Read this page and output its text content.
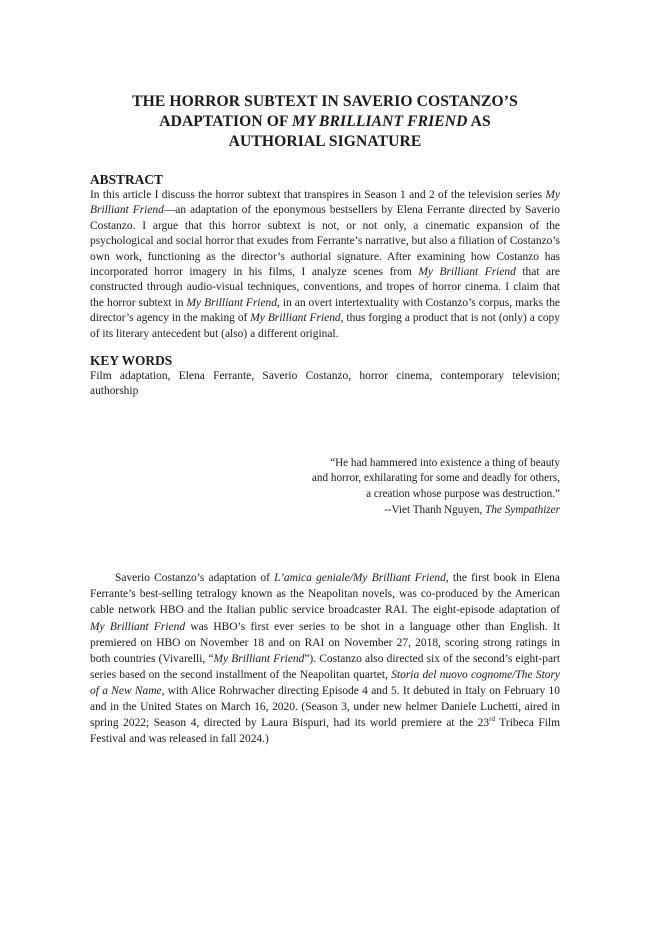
THE HORROR SUBTEXT IN SAVERIO COSTANZO’S
ADAPTATION OF MY BRILLIANT FRIEND AS
AUTHORIAL SIGNATURE
ABSTRACT

In this article I discuss the horror subtext that transpires in Season 1 and 2 of the television series My Brilliant Friend—an adaptation of the eponymous bestsellers by Elena Ferrante directed by Saverio Costanzo. I argue that this horror subtext is not, or not only, a cinematic expansion of the psychological and social horror that exudes from Ferrante’s narrative, but also a filiation of Costanzo’s own work, functioning as the director’s authorial signature. After examining how Costanzo has incorporated horror imagery in his films, I analyze scenes from My Brilliant Friend that are constructed through audio-visual techniques, conventions, and tropes of horror cinema. I claim that the horror subtext in My Brilliant Friend, in an overt intertextuality with Costanzo’s corpus, marks the director’s agency in the making of My Brilliant Friend, thus forging a product that is not (only) a copy of its literary antecedent but (also) a different original.

KEY WORDS

Film adaptation, Elena Ferrante, Saverio Costanzo, horror cinema, contemporary television; authorship

“He had hammered into existence a thing of beauty
and horror, exhilarating for some and deadly for others,
a creation whose purpose was destruction.”
--Viet Thanh Nguyen, The Sympathizer

Saverio Costanzo’s adaptation of L’amica geniale/My Brilliant Friend, the first book in Elena Ferrante’s best-selling tetralogy known as the Neapolitan novels, was co-produced by the American cable network HBO and the Italian public service broadcaster RAI. The eight-episode adaptation of My Brilliant Friend was HBO’s first ever series to be shot in a language other than English. It premiered on HBO on November 18 and on RAI on November 27, 2018, scoring strong ratings in both countries (Vivarelli, “My Brilliant Friend”). Costanzo also directed six of the second’s eight-part series based on the second installment of the Neapolitan quartet, Storia del nuovo cognome/The Story of a New Name, with Alice Rohrwacher directing Episode 4 and 5. It debuted in Italy on February 10 and in the United States on March 16, 2020. (Season 3, under new helmer Daniele Luchetti, aired in spring 2022; Season 4, directed by Laura Bispuri, had its world premiere at the 23rd Tribeca Film Festival and was released in fall 2024.)
